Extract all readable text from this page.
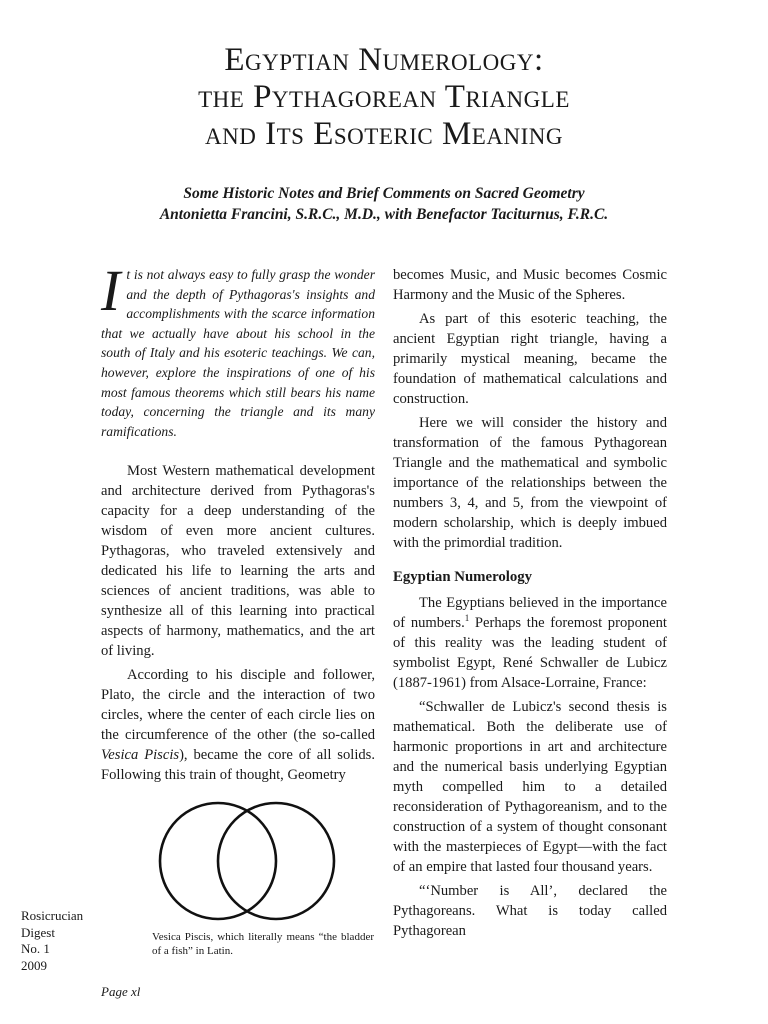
Egyptian Numerology:
the Pythagorean Triangle
and Its Esoteric Meaning
Some Historic Notes and Brief Comments on Sacred Geometry
Antonietta Francini, S.R.C., M.D., with Benefactor Taciturnus, F.R.C.

It is not always easy to fully grasp the wonder and the depth of Pythagoras's insights and accomplishments with the scarce information that we actually have about his school in the south of Italy and his esoteric teachings. We can, however, explore the inspirations of one of his most famous theorems which still bears his name today, concerning the triangle and its many ramifications.

Most Western mathematical development and architecture derived from Pythagoras's capacity for a deep understanding of the wisdom of even more ancient cultures. Pythagoras, who traveled extensively and dedicated his life to learning the arts and sciences of ancient traditions, was able to synthesize all of this learning into practical aspects of harmony, mathematics, and the art of living.

According to his disciple and follower, Plato, the circle and the interaction of two circles, where the center of each circle lies on the circumference of the other (the so-called Vesica Piscis), became the core of all solids. Following this train of thought, Geometry

becomes Music, and Music becomes Cosmic Harmony and the Music of the Spheres.

As part of this esoteric teaching, the ancient Egyptian right triangle, having a primarily mystical meaning, became the foundation of mathematical calculations and construction.

Here we will consider the history and transformation of the famous Pythagorean Triangle and the mathematical and symbolic importance of the relationships between the numbers 3, 4, and 5, from the viewpoint of modern scholarship, which is deeply imbued with the primordial tradition.

Egyptian Numerology

The Egyptians believed in the importance of numbers.$^1$ Perhaps the foremost proponent of this reality was the leading student of symbolist Egypt, René Schwaller de Lubicz (1887-1961) from Alsace-Lorraine, France:

“Schwaller de Lubicz's second thesis is mathematical. Both the deliberate use of harmonic proportions in art and architecture and the numerical basis underlying Egyptian myth compelled him to a detailed reconsideration of Pythagoreanism, and to the construction of a system of thought consonant with the masterpieces of Egypt—with the fact of an empire that lasted four thousand years.

“‘Number is All’, declared the Pythagoreans. What is today called Pythagorean

Vesica Piscis, which literally means “the bladder of a fish” in Latin.
Rosicrucian
Digest
No. 1
2009
Page xl
